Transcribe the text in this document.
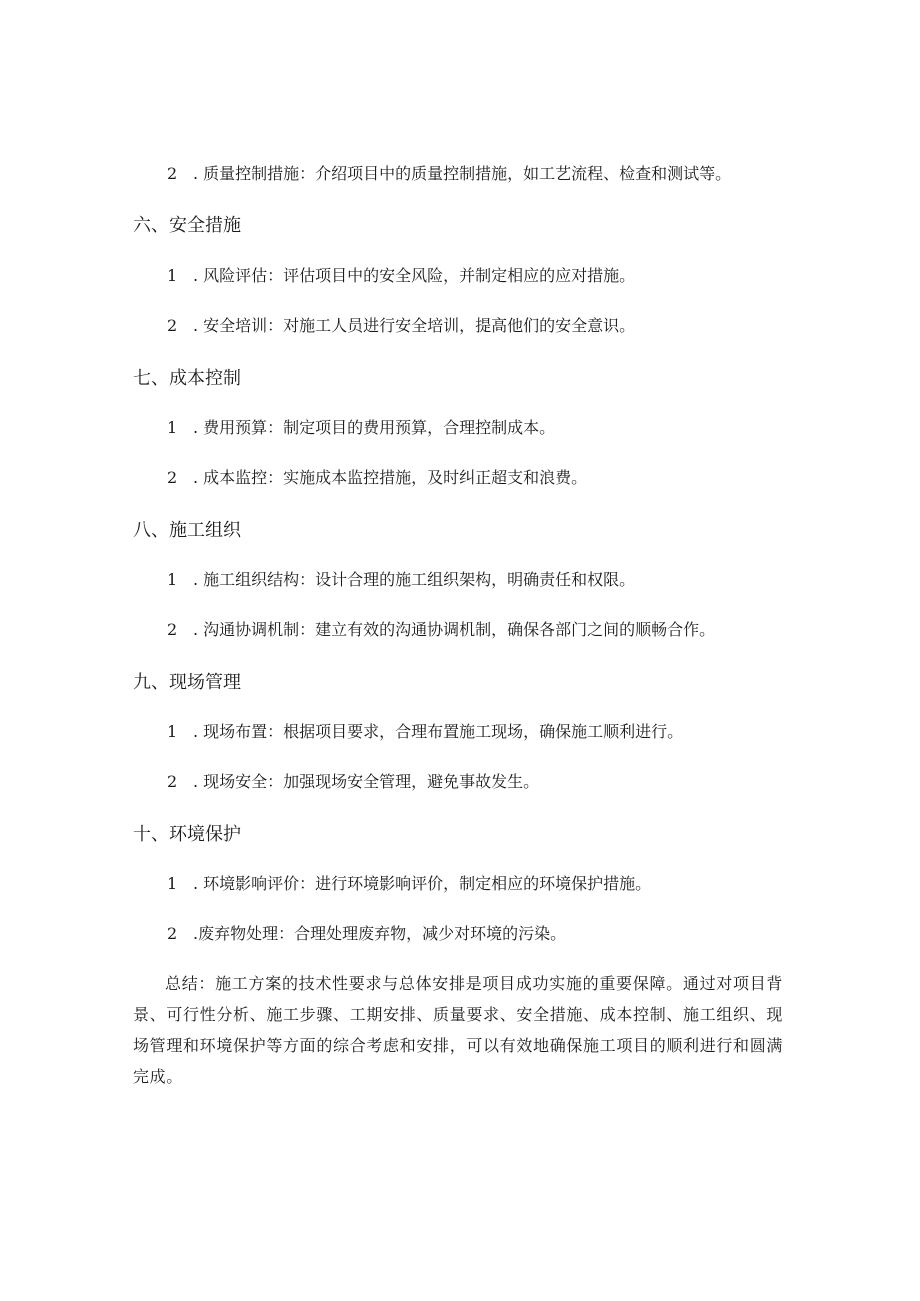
2 . 质量控制措施：介绍项目中的质量控制措施，如工艺流程、检查和测试等。
六、安全措施
1 . 风险评估：评估项目中的安全风险，并制定相应的应对措施。
2 . 安全培训：对施工人员进行安全培训，提高他们的安全意识。
七、成本控制
1 . 费用预算：制定项目的费用预算，合理控制成本。
2 . 成本监控：实施成本监控措施，及时纠正超支和浪费。
八、施工组织
1 . 施工组织结构：设计合理的施工组织架构，明确责任和权限。
2 . 沟通协调机制：建立有效的沟通协调机制，确保各部门之间的顺畅合作。
九、现场管理
1 . 现场布置：根据项目要求，合理布置施工现场，确保施工顺利进行。
2 . 现场安全：加强现场安全管理，避免事故发生。
十、环境保护
1 . 环境影响评价：进行环境影响评价，制定相应的环境保护措施。
2 .废弃物处理：合理处理废弃物，减少对环境的污染。

总结：施工方案的技术性要求与总体安排是项目成功实施的重要保障。通过对项目背景、可行性分析、施工步骤、工期安排、质量要求、安全措施、成本控制、施工组织、现场管理和环境保护等方面的综合考虑和安排，可以有效地确保施工项目的顺利进行和圆满完成。
